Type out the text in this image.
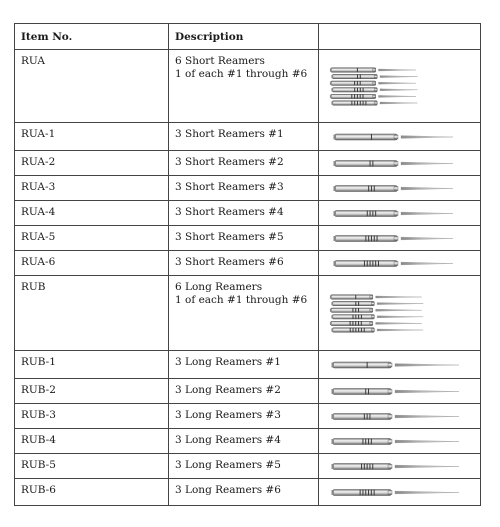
Item No.	Description	
RUA	6 Short Reamers
1 of each #1 through #6

RUA-1	3 Short Reamers #1

RUA-2	3 Short Reamers #2

RUA-3	3 Short Reamers #3

RUA-4	3 Short Reamers #4

RUA-5	3 Short Reamers #5

RUA-6	3 Short Reamers #6

RUB	6 Long Reamers
1 of each #1 through #6

RUB-1	3 Long Reamers #1

RUB-2	3 Long Reamers #2

RUB-3	3 Long Reamers #3

RUB-4	3 Long Reamers #4

RUB-5	3 Long Reamers #5

RUB-6	3 Long Reamers #6
